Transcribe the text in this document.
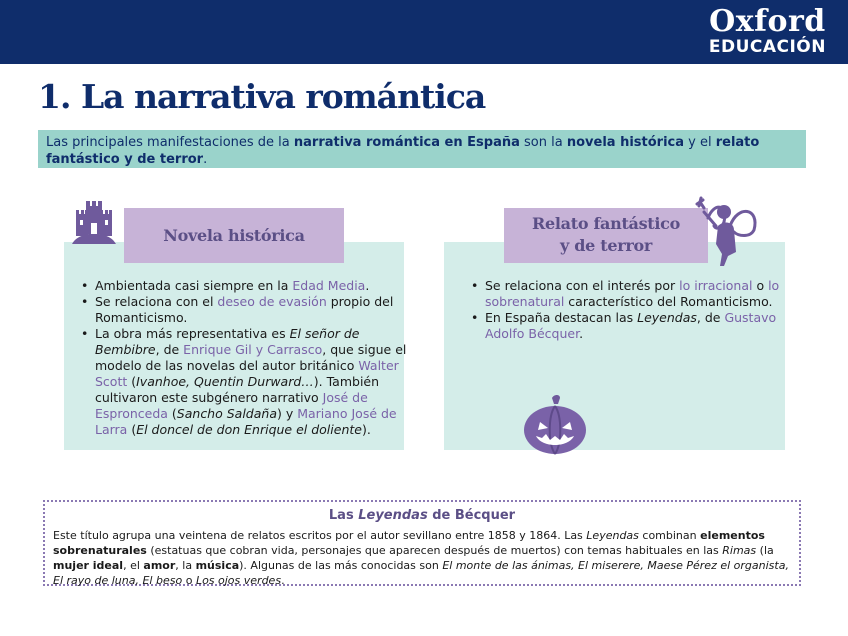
Oxford
EDUCACIÓN
1. La narrativa romántica
Las principales manifestaciones de la narrativa romántica en España son la novela histórica y el relato fantástico y de terror.
• Ambientada casi siempre en la Edad Media.
• Se relaciona con el deseo de evasión propio del Romanticismo.
• La obra más representativa es El señor de Bembibre, de Enrique Gil y Carrasco, que sigue el modelo de las novelas del autor británico Walter Scott (Ivanhoe, Quentin Durward…). También cultivaron este subgénero narrativo José de Espronceda (Sancho Saldaña) y Mariano José de Larra (El doncel de don Enrique el doliente).
Novela histórica
• Se relaciona con el interés por lo irracional o lo sobrenatural característico del Romanticismo.
• En España destacan las Leyendas, de Gustavo Adolfo Bécquer.
Relato fantástico
y de terror
Las Leyendas de Bécquer

Este título agrupa una veintena de relatos escritos por el autor sevillano entre 1858 y 1864. Las Leyendas combinan elementos sobrenaturales (estatuas que cobran vida, personajes que aparecen después de muertos) con temas habituales en las Rimas (la mujer ideal, el amor, la música). Algunas de las más conocidas son El monte de las ánimas, El miserere, Maese Pérez el organista, El rayo de luna, El beso o Los ojos verdes.
